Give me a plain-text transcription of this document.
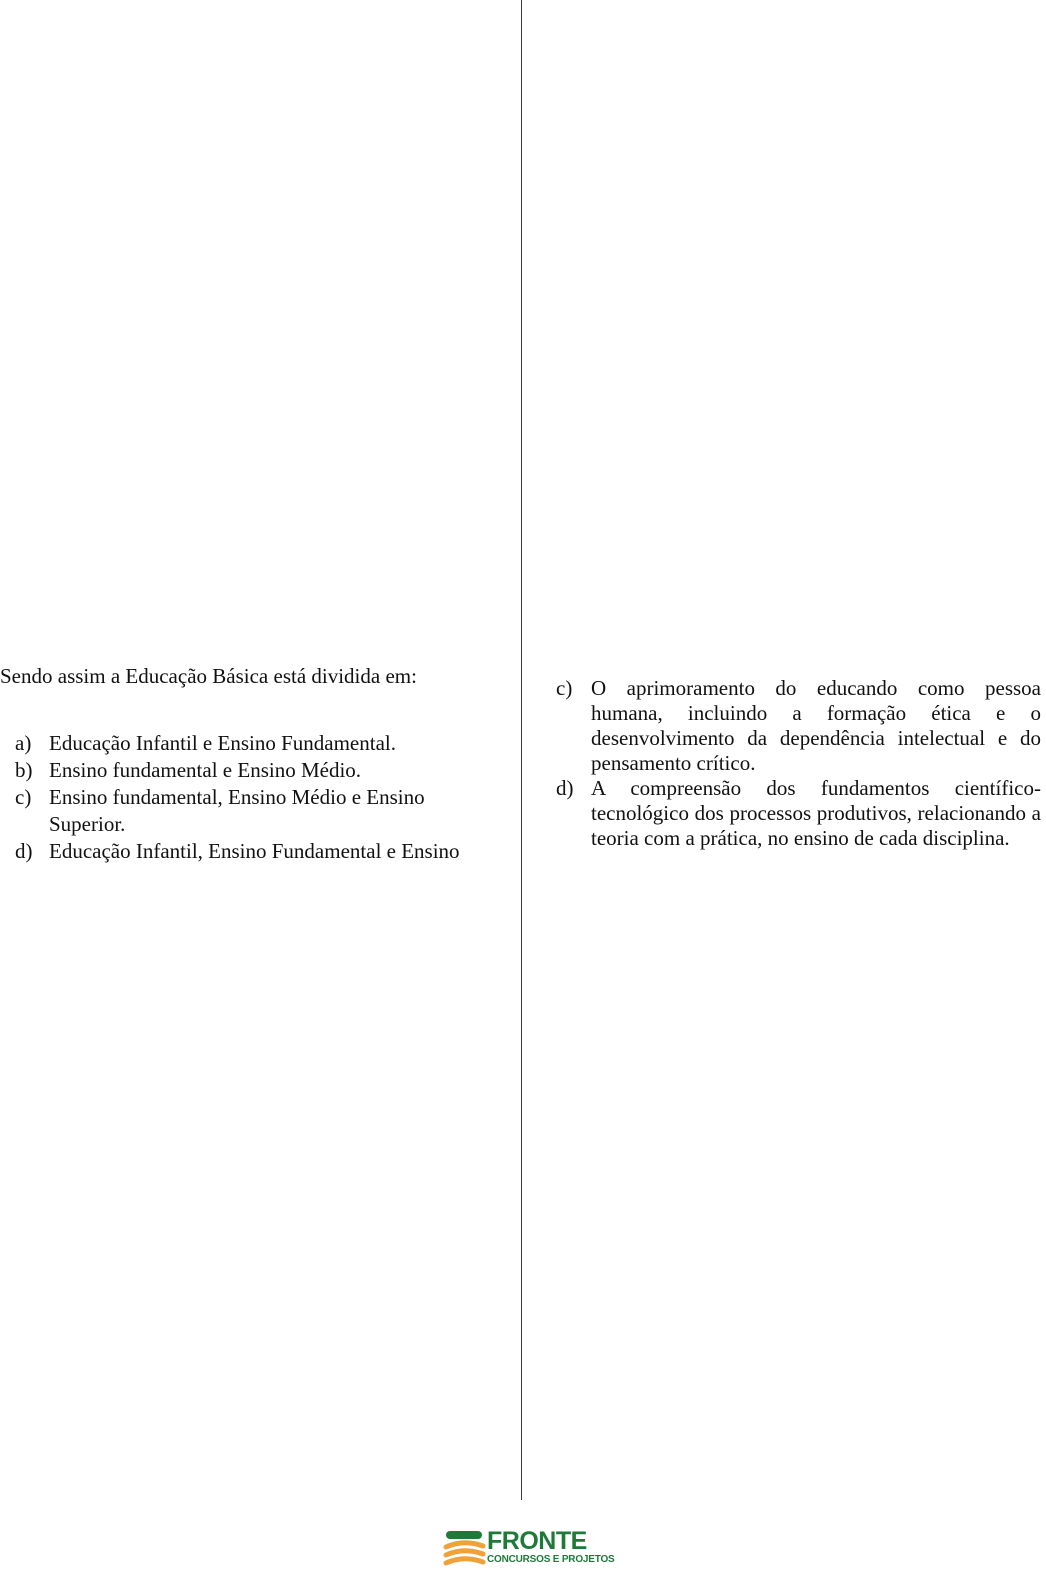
Sendo assim a Educação Básica está dividida em:

a) Educação Infantil e Ensino Fundamental.
b) Ensino fundamental e Ensino Médio.
c) Ensino fundamental, Ensino Médio e Ensino Superior.
d) Educação Infantil, Ensino Fundamental e Ensino
c) O aprimoramento do educando como pessoa humana, incluindo a formação ética e o desenvolvimento da dependência intelectual e do pensamento crítico.
d) A compreensão dos fundamentos científico-tecnológico dos processos produtivos, relacionando a teoria com a prática, no ensino de cada disciplina.
FRONTE
CONCURSOS E PROJETOS
